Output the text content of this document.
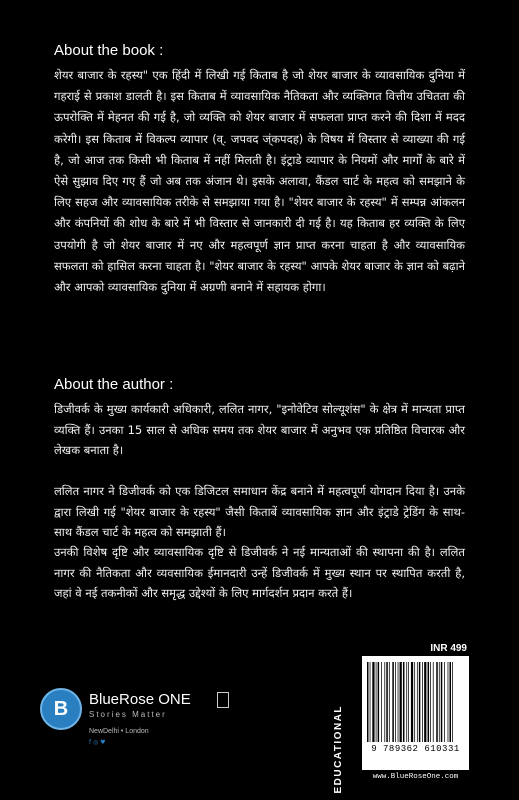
About the book :

शेयर बाजार के रहस्य" एक हिंदी में लिखी गई किताब है जो शेयर बाजार के व्यावसायिक दुनिया में गहराई से प्रकाश डालती है। इस किताब में व्यावसायिक नैतिकता और व्यक्तिगत वित्तीय उचितता की ऊपरोक्ति में मेहनत की गई है, जो व्यक्ति को शेयर बाजार में सफलता प्राप्त करने की दिशा में मदद करेगी। इस किताब में विकल्प व्यापार (व्. जपवद ज्ंकपदह) के विषय में विस्तार से व्याख्या की गई है, जो आज तक किसी भी किताब में नहीं मिलती है। इंट्राडे व्यापार के नियमों और मार्गों के बारे में ऐसे सुझाव दिए गए हैं जो अब तक अंजान थे। इसके अलावा, कैंडल चार्ट के महत्व को समझाने के लिए सहज और व्यावसायिक तरीके से समझाया गया है। "शेयर बाजार के रहस्य" में सम्पन्न आंकलन और कंपनियों की शोध के बारे में भी विस्तार से जानकारी दी गई है। यह किताब हर व्यक्ति के लिए उपयोगी है जो शेयर बाजार में नए और महत्वपूर्ण ज्ञान प्राप्त करना चाहता है और व्यावसायिक सफलता को हासिल करना चाहता है। "शेयर बाजार के रहस्य" आपके शेयर बाजार के ज्ञान को बढ़ाने और आपको व्यावसायिक दुनिया में अग्रणी बनाने में सहायक होगा।

About the author :

डिजीवर्क के मुख्य कार्यकारी अधिकारी, ललित नागर, "इनोवेटिव सोल्यूशंस" के क्षेत्र में मान्यता प्राप्त व्यक्ति हैं। उनका 15 साल से अधिक समय तक शेयर बाजार में अनुभव एक प्रतिष्ठित विचारक और लेखक बनाता है।

ललित नागर ने डिजीवर्क को एक डिजिटल समाधान केंद्र बनाने में महत्वपूर्ण योगदान दिया है। उनके द्वारा लिखी गई "शेयर बाजार के रहस्य" जैसी किताबें व्यावसायिक ज्ञान और इंट्राडे ट्रेडिंग के साथ-साथ कैंडल चार्ट के महत्व को समझाती हैं।

उनकी विशेष दृष्टि और व्यावसायिक दृष्टि से डिजीवर्क ने नई मान्यताओं की स्थापना की है। ललित नागर की नैतिकता और व्यवसायिक ईमानदारी उन्हें डिजीवर्क में मुख्य स्थान पर स्थापित करती है, जहां वे नई तकनीकों और समृद्ध उद्देश्यों के लिए मार्गदर्शन प्रदान करते हैं।

B	BlueRose ONE
Stories Matter
NewDelhi • London
f ◎ ♥	EDUCATIONAL
INR 499
9 789362 610331
www.BlueRoseOne.com
